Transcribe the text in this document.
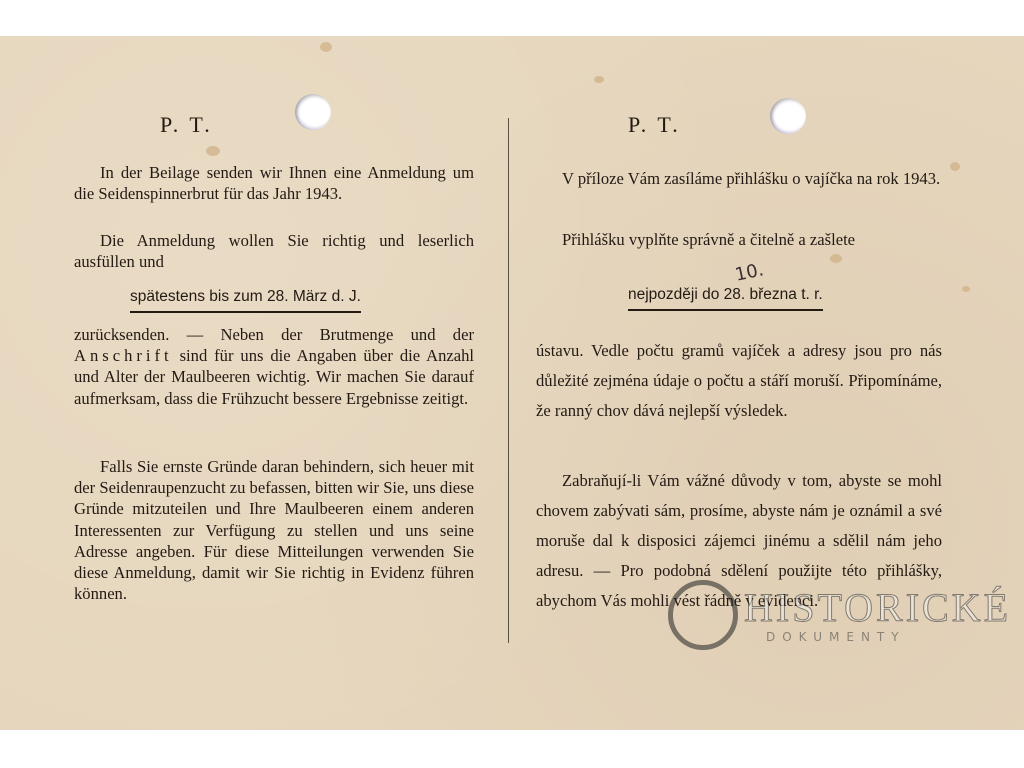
P. T.

In der Beilage senden wir Ihnen eine Anmeldung um die Seidenspinnerbrut für das Jahr 1943.

Die Anmeldung wollen Sie richtig und leserlich ausfüllen und

spätestens bis zum 28. März d. J.

zurücksenden. — Neben der Brutmenge und der Anschrift sind für uns die Angaben über die Anzahl und Alter der Maulbeeren wichtig. Wir machen Sie darauf aufmerksam, dass die Frühzucht bessere Ergebnisse zeitigt.

Falls Sie ernste Gründe daran behindern, sich heuer mit der Seidenraupenzucht zu befassen, bitten wir Sie, uns diese Gründe mitzuteilen und Ihre Maulbeeren einem anderen Interessenten zur Verfügung zu stellen und uns seine Adresse angeben. Für diese Mitteilungen verwenden Sie diese Anmeldung, damit wir Sie richtig in Evidenz führen können.

P. T.

V příloze Vám zasíláme přihlášku o vajíčka na rok 1943.

Přihlášku vyplňte správně a čitelně a zašlete

10.
nejpozději do 28. března t. r.

ústavu. Vedle počtu gramů vajíček a adresy jsou pro nás důležité zejména údaje o počtu a stáří moruší. Připomínáme, že ranný chov dává nejlepší výsledek.

Zabraňují-li Vám vážné důvody v tom, abyste se mohl chovem zabývati sám, prosíme, abyste nám je oznámil a své moruše dal k disposici zájemci jinému a sdělil nám jeho adresu. — Pro podobná sdělení použijte této přihlášky, abychom Vás mohli vést řádně v evidenci.

HISTORICKÉ
DOKUMENTY
